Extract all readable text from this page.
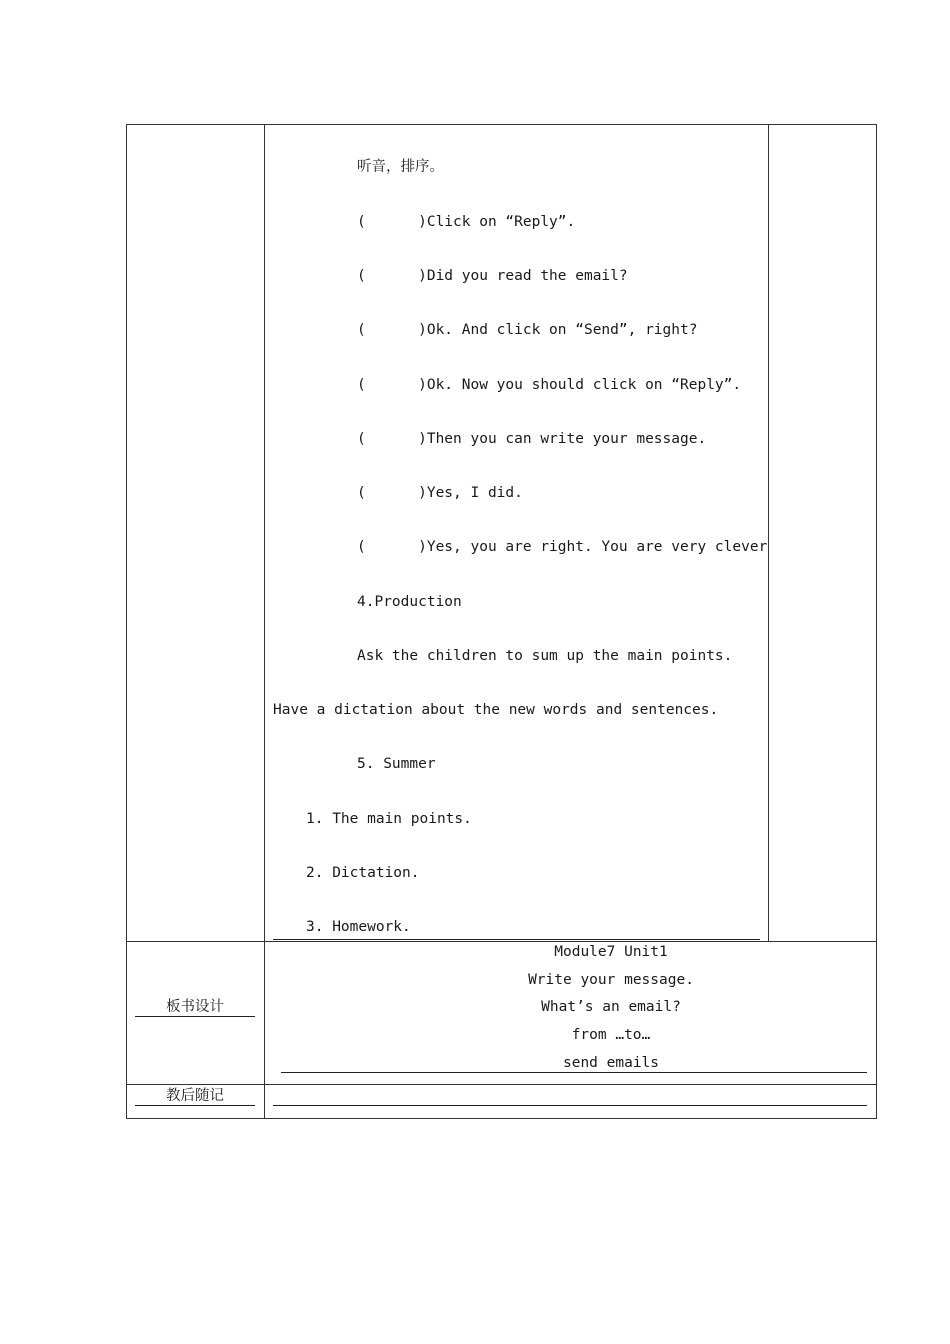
听音，排序。
(      )Click on “Reply”.
(      )Did you read the email?
(      )Ok. And click on “Send”, right?
(      )Ok. Now you should click on “Reply”.
(      )Then you can write your message.
(      )Yes, I did.
(      )Yes, you are right. You are very clever
4.Production
Ask the children to sum up the main points.
Have a dictation about the new words and sentences.
5. Summer
1. The main points.
2. Dictation.
3. Homework.
板书设计
Module7 Unit1
Write your message.
What’s an email?
from …to…
send emails
教后随记
